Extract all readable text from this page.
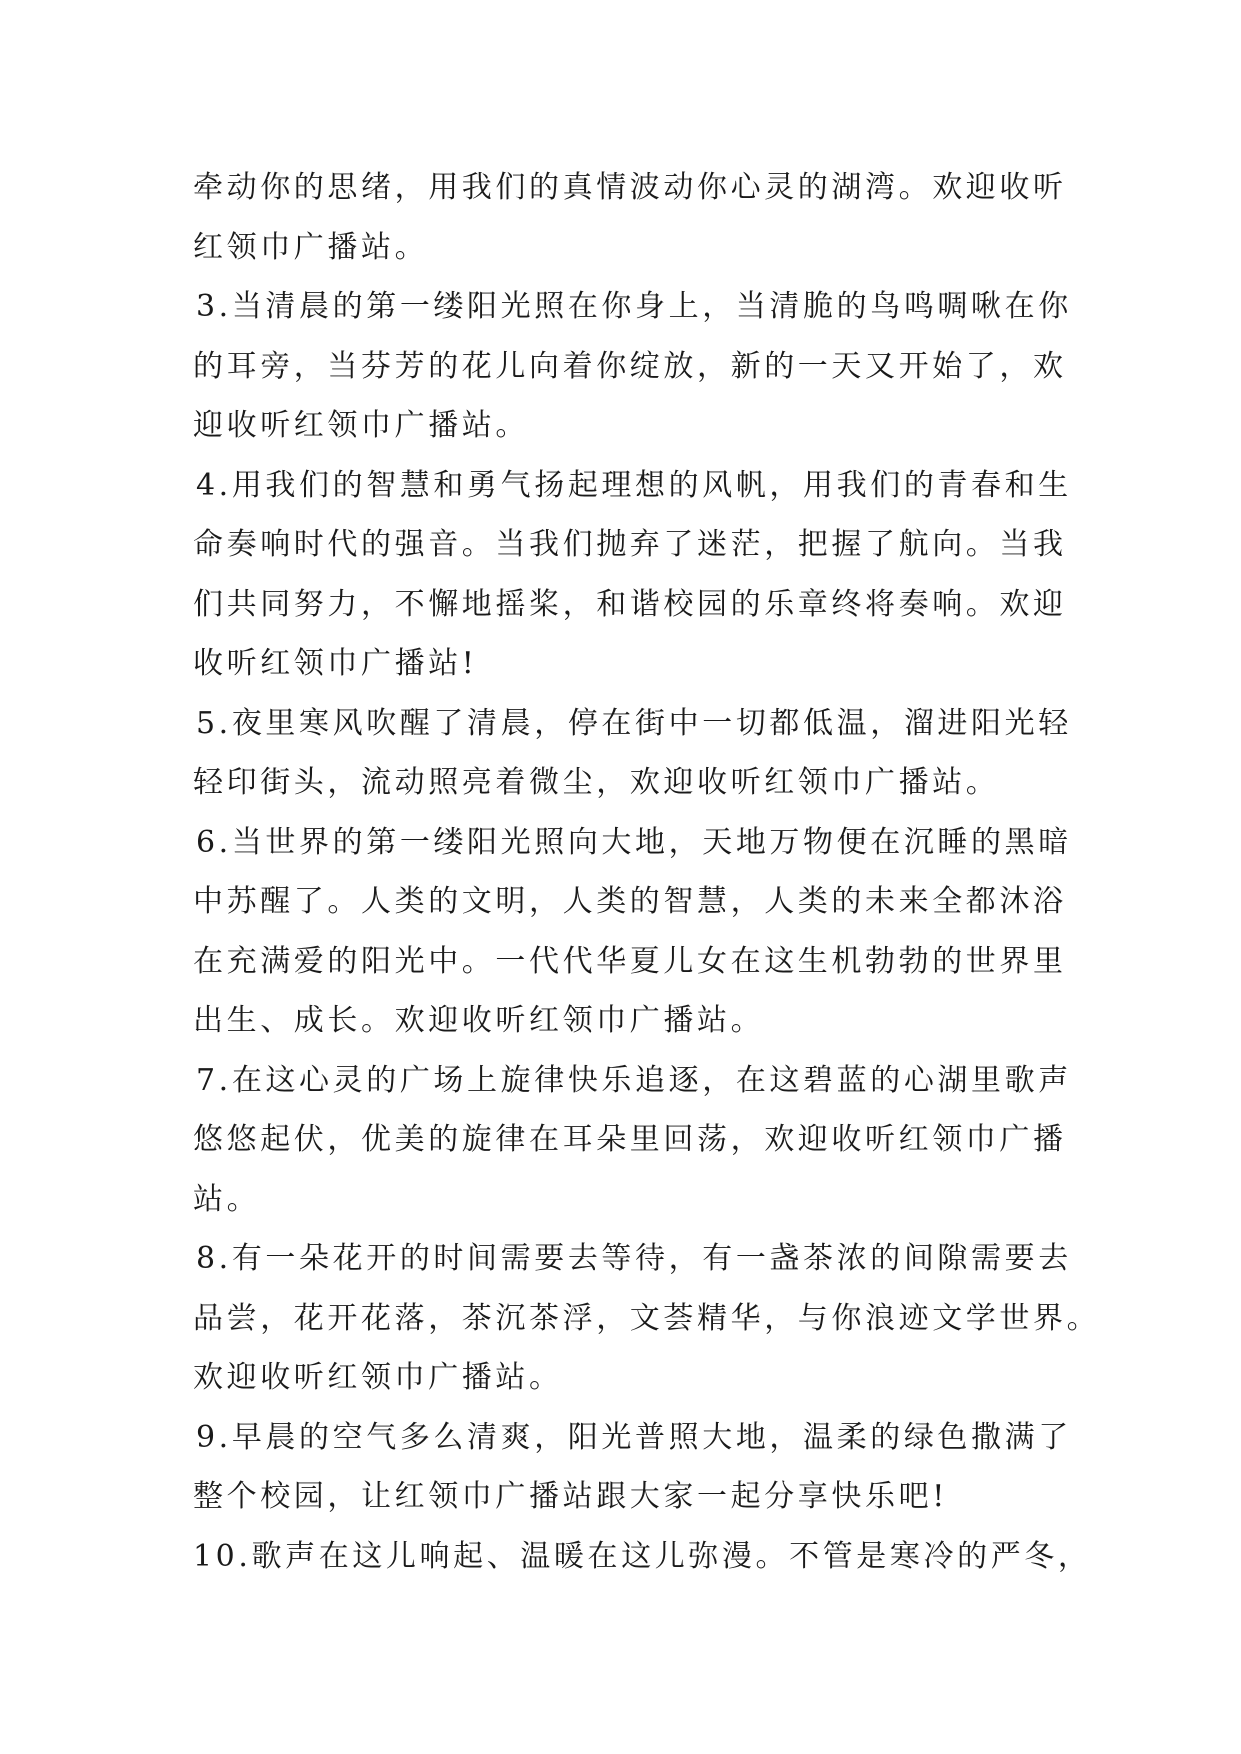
牵动你的思绪，用我们的真情波动你心灵的湖湾。欢迎收听
红领巾广播站。
3.当清晨的第一缕阳光照在你身上，当清脆的鸟鸣啁啾在你
的耳旁，当芬芳的花儿向着你绽放，新的一天又开始了，欢
迎收听红领巾广播站。
4.用我们的智慧和勇气扬起理想的风帆，用我们的青春和生
命奏响时代的强音。当我们抛弃了迷茫，把握了航向。当我
们共同努力，不懈地摇桨，和谐校园的乐章终将奏响。欢迎
收听红领巾广播站!
5.夜里寒风吹醒了清晨，停在街中一切都低温，溜进阳光轻
轻印街头，流动照亮着微尘，欢迎收听红领巾广播站。
6.当世界的第一缕阳光照向大地，天地万物便在沉睡的黑暗
中苏醒了。人类的文明，人类的智慧，人类的未来全都沐浴
在充满爱的阳光中。一代代华夏儿女在这生机勃勃的世界里
出生、成长。欢迎收听红领巾广播站。
7.在这心灵的广场上旋律快乐追逐，在这碧蓝的心湖里歌声
悠悠起伏，优美的旋律在耳朵里回荡，欢迎收听红领巾广播
站。
8.有一朵花开的时间需要去等待，有一盏茶浓的间隙需要去
品尝，花开花落，茶沉茶浮，文荟精华，与你浪迹文学世界。
欢迎收听红领巾广播站。
9.早晨的空气多么清爽，阳光普照大地，温柔的绿色撒满了
整个校园，让红领巾广播站跟大家一起分享快乐吧!
10.歌声在这儿响起、温暖在这儿弥漫。不管是寒冷的严冬，
